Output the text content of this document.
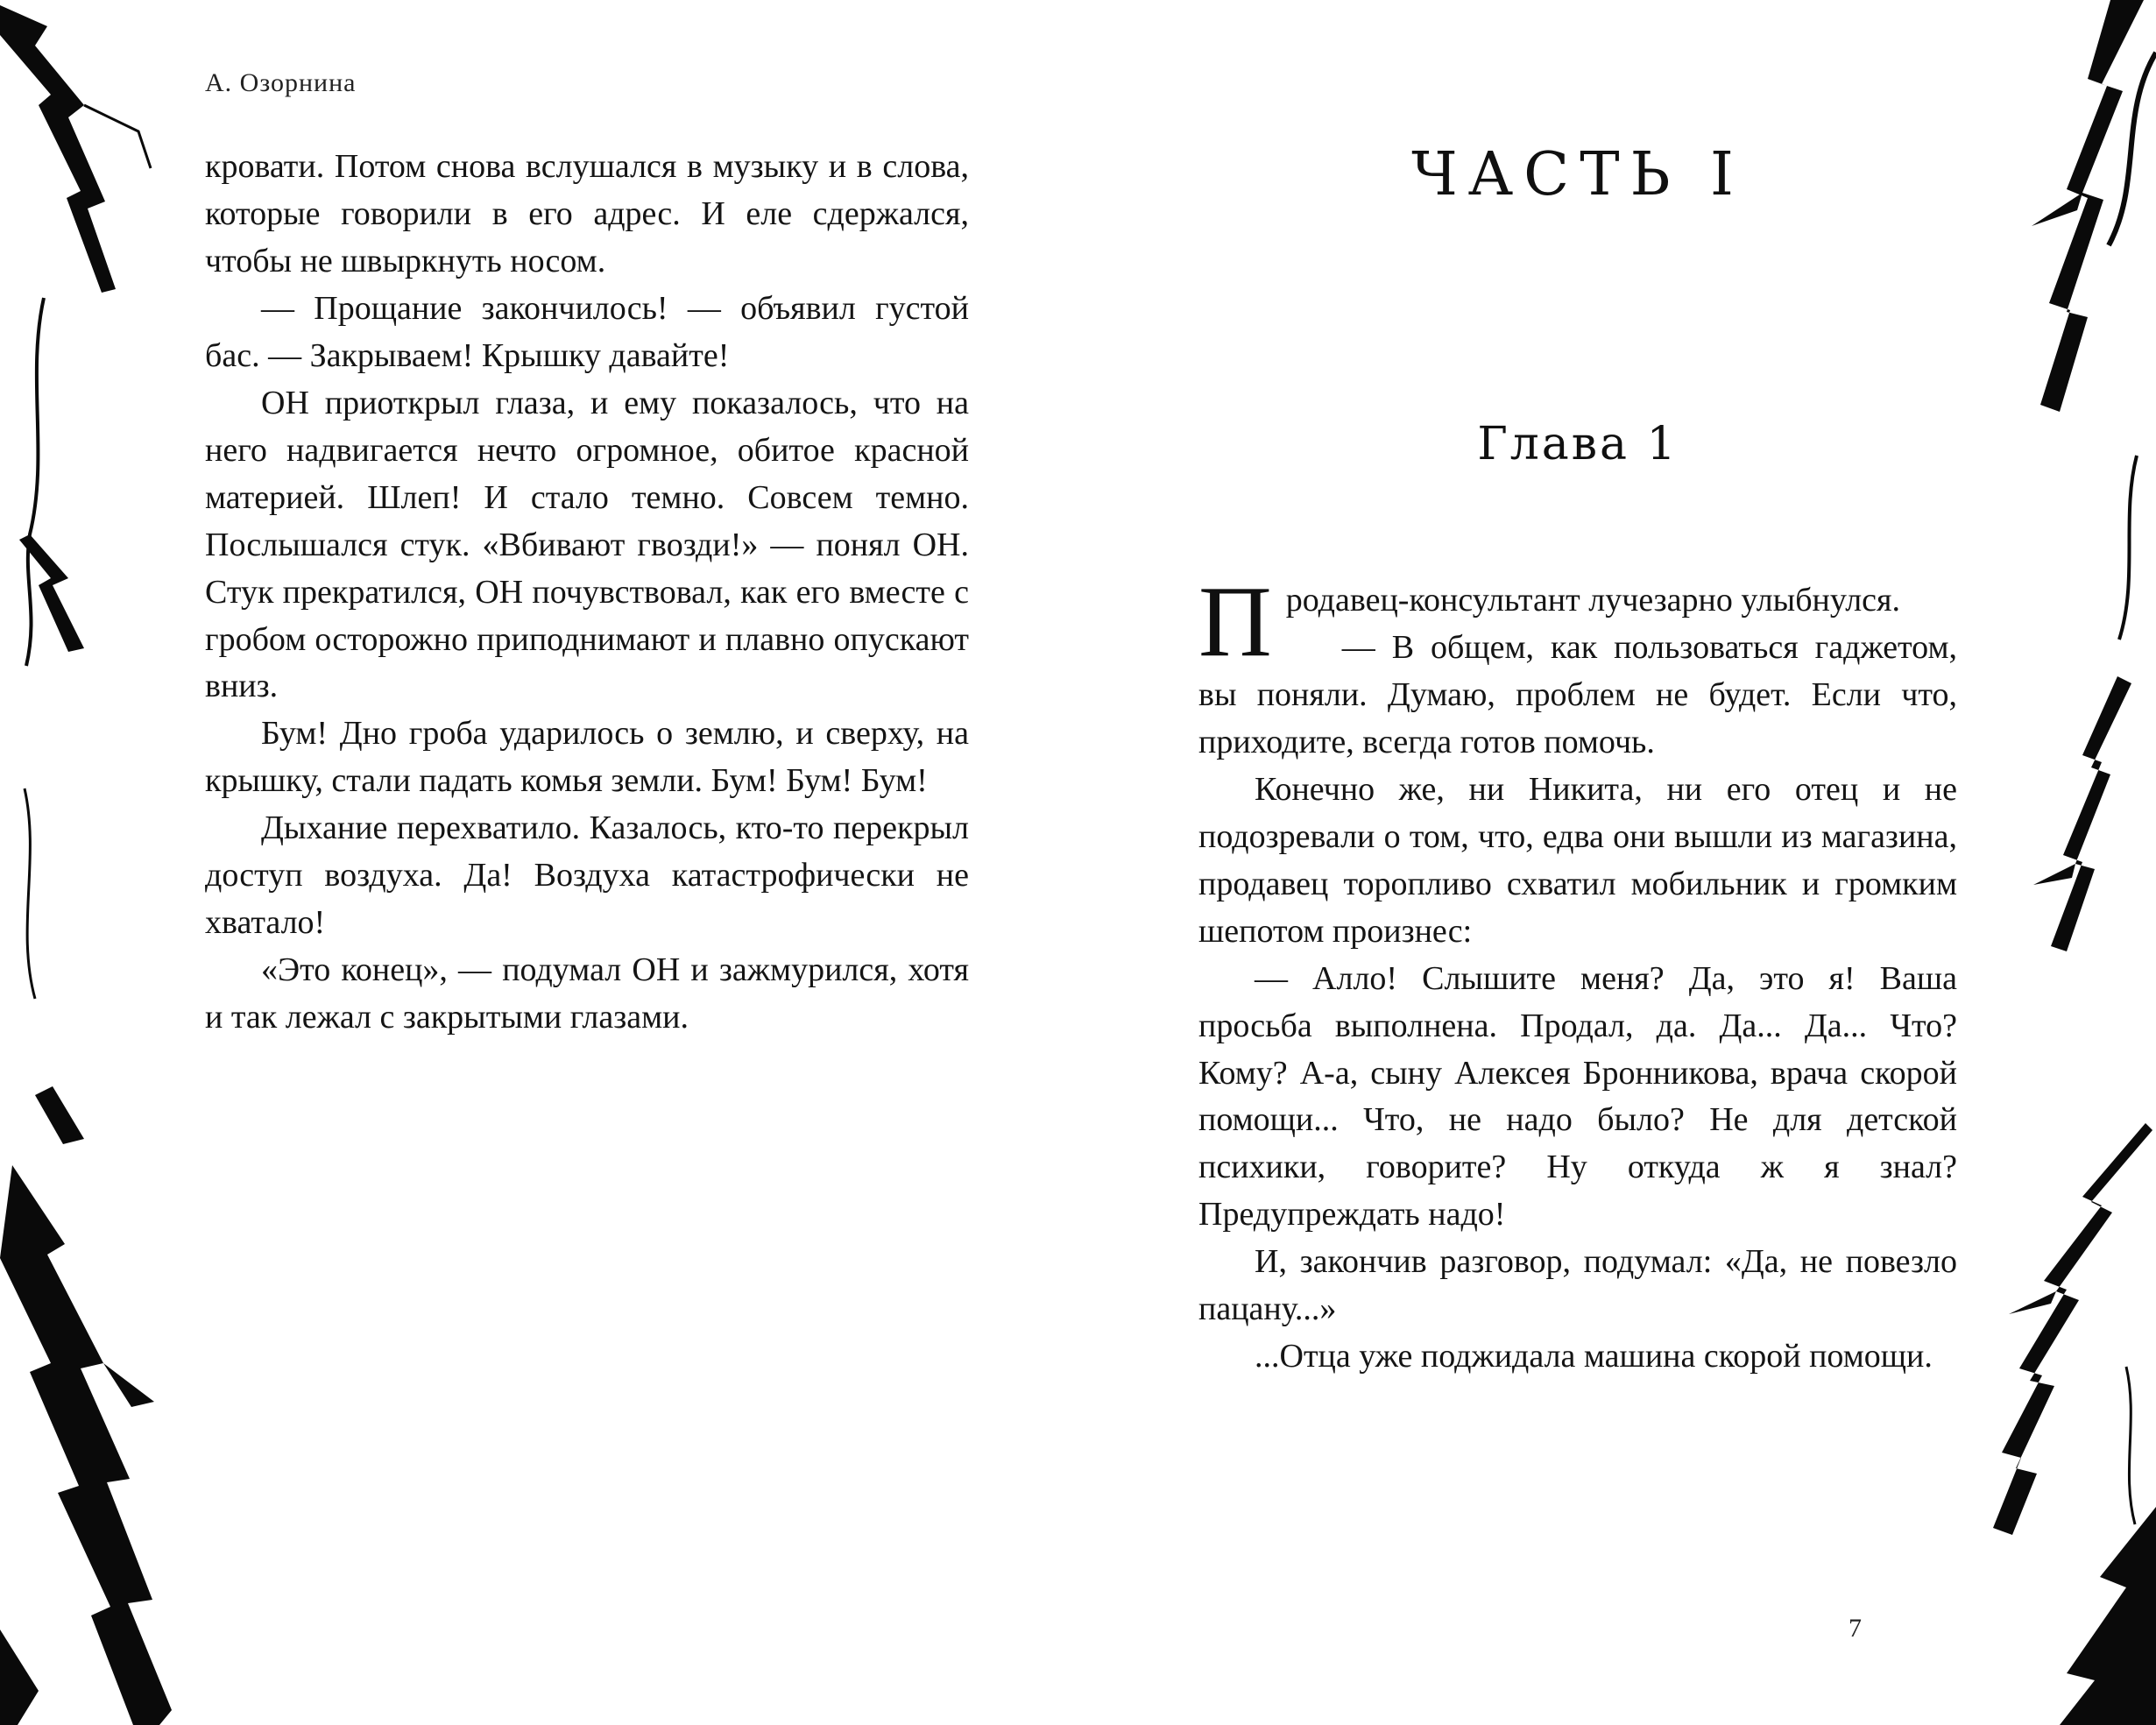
А. Озорнина

кровати. Потом снова вслушался в музыку и в слова, которые говорили в его адрес. И еле сдержался, чтобы не швыркнуть носом.

— Прощание закончилось! — объявил густой бас. — Закрываем! Крышку давайте!

ОН приоткрыл глаза, и ему показалось, что на него надвигается нечто огромное, обитое красной материей. Шлеп! И стало темно. Совсем темно. Послышался стук. «Вбивают гвозди!» — понял ОН. Стук прекратился, ОН почувствовал, как его вместе с гробом осторожно приподнимают и плавно опускают вниз.

Бум! Дно гроба ударилось о землю, и сверху, на крышку, стали падать комья земли. Бум! Бум! Бум!

Дыхание перехватило. Казалось, кто-то перекрыл доступ воздуха. Да! Воздуха катастрофически не хватало!

«Это конец», — подумал ОН и зажмурился, хотя и так лежал с закрытыми глазами.

ЧАСТЬ I
Глава 1

Продавец-консультант лучезарно улыбнулся.

— В общем, как пользоваться гаджетом, вы поняли. Думаю, проблем не будет. Если что, приходите, всегда готов помочь.

Конечно же, ни Никита, ни его отец и не подозревали о том, что, едва они вышли из магазина, продавец торопливо схватил мобильник и громким шепотом произнес:

— Алло! Слышите меня? Да, это я! Ваша просьба выполнена. Продал, да. Да... Да... Что? Кому? А-а, сыну Алексея Бронникова, врача скорой помощи... Что, не надо было? Не для детской психики, говорите? Ну откуда ж я знал? Предупреждать надо!

И, закончив разговор, подумал: «Да, не повезло пацану...»

...Отца уже поджидала машина скорой помощи.

7
